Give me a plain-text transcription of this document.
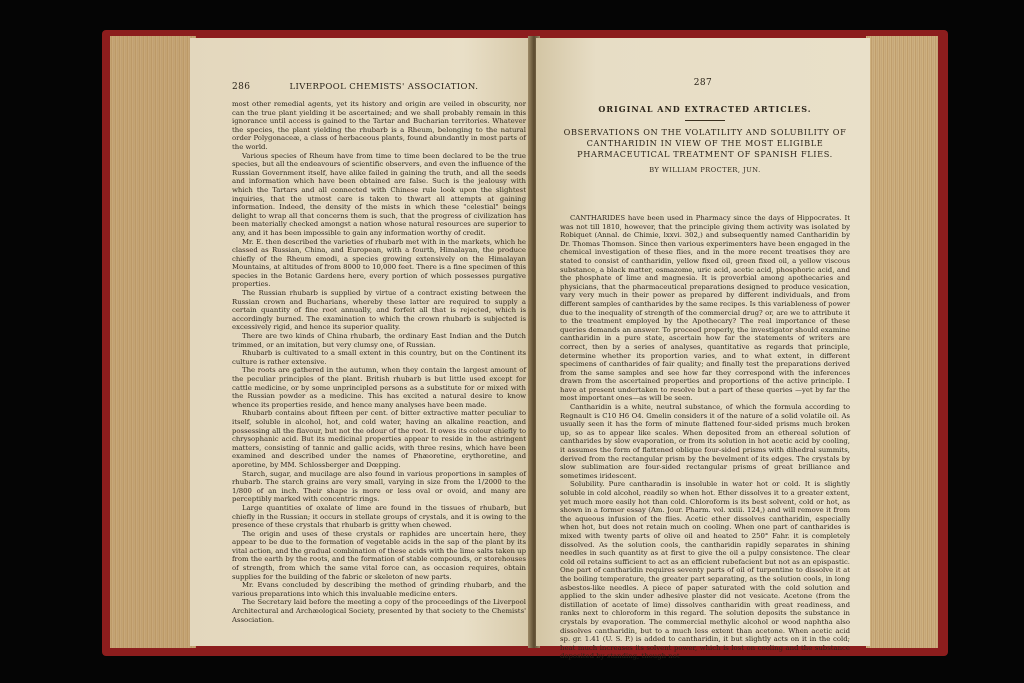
286	LIVERPOOL CHEMISTS' ASSOCIATION.

most other remedial agents, yet its history and origin are veiled in obscurity, nor can the true plant yielding it be ascertained; and we shall probably remain in this ignorance until access is gained to the Tartar and Bucharian territories. Whatever the species, the plant yielding the rhubarb is a Rheum, belonging to the natural order Polygonaceæ, a class of herbaceous plants, found abundantly in most parts of the world.

Various species of Rheum have from time to time been declared to be the true species, but all the endeavours of scientific observers, and even the influence of the Russian Government itself, have alike failed in gaining the truth, and all the seeds and information which have been obtained are false. Such is the jealousy with which the Tartars and all connected with Chinese rule look upon the slightest inquiries, that the utmost care is taken to thwart all attempts at gaining information. Indeed, the density of the mists in which these "celestial" beings delight to wrap all that concerns them is such, that the progress of civilization has been materially checked amongst a nation whose natural resources are superior to any, and it has been impossible to gain any information worthy of credit.

Mr. E. then described the varieties of rhubarb met with in the markets, which he classed as Russian, China, and European, with a fourth, Himalayan, the produce chiefly of the Rheum emodi, a species growing extensively on the Himalayan Mountains, at altitudes of from 8000 to 10,000 feet. There is a fine specimen of this species in the Botanic Gardens here, every portion of which possesses purgative properties.

The Russian rhubarb is supplied by virtue of a contract existing between the Russian crown and Bucharians, whereby these latter are required to supply a certain quantity of fine root annually, and forfeit all that is rejected, which is accordingly burned. The examination to which the crown rhubarb is subjected is excessively rigid, and hence its superior quality.

There are two kinds of China rhubarb, the ordinary East Indian and the Dutch trimmed, or an imitation, but very clumsy one, of Russian.

Rhubarb is cultivated to a small extent in this country, but on the Continent its culture is rather extensive.

The roots are gathered in the autumn, when they contain the largest amount of the peculiar principles of the plant. British rhubarb is but little used except for cattle medicine, or by some unprincipled persons as a substitute for or mixed with the Russian powder as a medicine. This has excited a natural desire to know whence its properties reside, and hence many analyses have been made.

Rhubarb contains about fifteen per cent. of bitter extractive matter peculiar to itself, soluble in alcohol, hot, and cold water, having an alkaline reaction, and possessing all the flavour, but not the odour of the root. It owes its colour chiefly to chrysophanic acid. But its medicinal properties appear to reside in the astringent matters, consisting of tannic and gallic acids, with three resins, which have been examined and described under the names of Phæoretine, erythoretine, and aporetine, by MM. Schlossberger and Dœpping.

Starch, sugar, and mucilage are also found in various proportions in samples of rhubarb. The starch grains are very small, varying in size from the 1/2000 to the 1/800 of an inch. Their shape is more or less oval or ovoid, and many are perceptibly marked with concentric rings.

Large quantities of oxalate of lime are found in the tissues of rhubarb, but chiefly in the Russian; it occurs in stellate groups of crystals, and it is owing to the presence of these crystals that rhubarb is gritty when chewed.

The origin and uses of these crystals or raphides are uncertain here, they appear to be due to the formation of vegetable acids in the sap of the plant by its vital action, and the gradual combination of these acids with the lime salts taken up from the earth by the roots, and the formation of stable compounds, or storehouses of strength, from which the same vital force can, as occasion requires, obtain supplies for the building of the fabric or skeleton of new parts.

Mr. Evans concluded by describing the method of grinding rhubarb, and the various preparations into which this invaluable medicine enters.

The Secretary laid before the meeting a copy of the proceedings of the Liverpool Architectural and Archæological Society, presented by that society to the Chemists' Association.

287
ORIGINAL AND EXTRACTED ARTICLES.
OBSERVATIONS ON THE VOLATILITY AND SOLUBILITY OF CANTHARIDIN IN VIEW OF THE MOST ELIGIBLE PHARMACEUTICAL TREATMENT OF SPANISH FLIES.
BY WILLIAM PROCTER, JUN.

CANTHARIDES have been used in Pharmacy since the days of Hippocrates. It was not till 1810, however, that the principle giving them activity was isolated by Robiquet (Annal. de Chimie, lxxvi. 302,) and subsequently named Cantharidin by Dr. Thomas Thomson. Since then various experimenters have been engaged in the chemical investigation of these flies, and in the more recent treatises they are stated to consist of cantharidin, yellow fixed oil, green fixed oil, a yellow viscous substance, a black matter, osmazome, uric acid, acetic acid, phosphoric acid, and the phosphate of lime and magnesia. It is proverbial among apothecaries and physicians, that the pharmaceutical preparations designed to produce vesication, vary very much in their power as prepared by different individuals, and from different samples of cantharides by the same recipes. Is this variableness of power due to the inequality of strength of the commercial drug? or, are we to attribute it to the treatment employed by the Apothecary? The real importance of these queries demands an answer. To proceed properly, the investigator should examine cantharidin in a pure state, ascertain how far the statements of writers are correct, then by a series of analyses, quantitative as regards that principle, determine whether its proportion varies, and to what extent, in different specimens of cantharides of fair quality; and finally test the preparations derived from the same samples and see how far they correspond with the inferences drawn from the ascertained properties and proportions of the active principle. I have at present undertaken to resolve but a part of these queries —yet by far the most important ones—as will be seen.

Cantharidin is a white, neutral substance, of which the formula according to Regnault is C10 H6 O4. Gmelin considers it of the nature of a solid volatile oil. As usually seen it has the form of minute flattened four-sided prisms much broken up, so as to appear like scales. When deposited from an ethereal solution of cantharides by slow evaporation, or from its solution in hot acetic acid by cooling, it assumes the form of flattened oblique four-sided prisms with dihedral summits, derived from the rectangular prism by the bevelment of its edges. The crystals by slow sublimation are four-sided rectangular prisms of great brilliance and sometimes iridescent.

Solubility. Pure cantharadin is insoluble in water hot or cold. It is slightly soluble in cold alcohol, readily so when hot. Ether dissolves it to a greater extent, yet much more easily hot than cold. Chloroform is its best solvent, cold or hot, as shown in a former essay (Am. Jour. Pharm. vol. xxiii. 124,) and will remove it from the aqueous infusion of the flies. Acetic ether dissolves cantharidin, especially when hot, but does not retain much on cooling. When one part of cantharides is mixed with twenty parts of olive oil and heated to 250° Fahr. it is completely dissolved. As the solution cools, the cantharidin rapidly separates in shining needles in such quantity as at first to give the oil a pulpy consistence. The clear cold oil retains sufficient to act as an efficient rubefacient but not as an epispastic. One part of cantharidin requires seventy parts of oil of turpentine to dissolve it at the boiling temperature, the greater part separating, as the solution cools, in long asbestos-like needles. A piece of paper saturated with the cold solution and applied to the skin under adhesive plaster did not vesicate. Acetone (from the distillation of acetate of lime) dissolves cantharidin with great readiness, and ranks next to chloroform in this regard. The solution deposits the substance in crystals by evaporation. The commercial methylic alcohol or wood naphtha also dissolves cantharidin, but to a much less extent than acetone. When acetic acid sp. gr. 1.41 (U. S. P.) is added to cantharidin, it but slightly acts on it in the cold; heat much increases its solvent power, which is lost on cooling and the substance deposited by standing, though not
